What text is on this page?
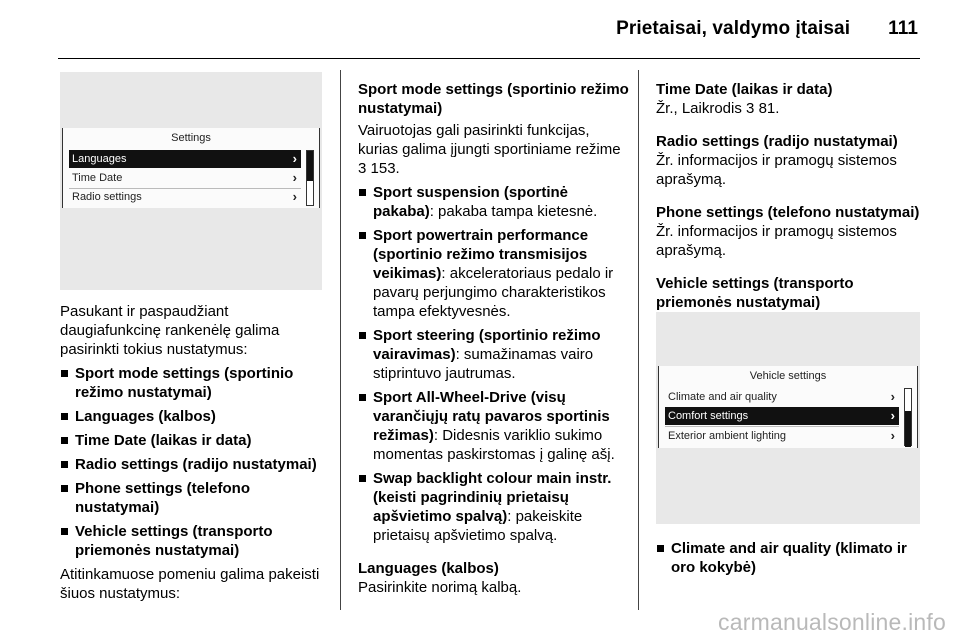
Prietaisai, valdymo įtaisai 111
Settings
Languages	›
Time Date	›
Radio settings	›

Pasukant ir paspaudžiant daugiafunkcinę rankenėlę galima pasirinkti tokius nustatymus:

Sport mode settings (sportinio režimo nustatymai)
Languages (kalbos)
Time Date (laikas ir data)
Radio settings (radijo nustatymai)
Phone settings (telefono nustatymai)
Vehicle settings (transporto priemonės nustatymai)

Atitinkamuose pomeniu galima pakeisti šiuos nustatymus:

Sport mode settings (sportinio režimo nustatymai)

Vairuotojas gali pasirinkti funkcijas, kurias galima įjungti sportiniame režime 3 153.

Sport suspension (sportinė pakaba): pakaba tampa kietesnė.
Sport powertrain performance (sportinio režimo transmisijos veikimas): akceleratoriaus pedalo ir pavarų perjungimo charakteristikos tampa efektyvesnės.
Sport steering (sportinio režimo vairavimas): sumažinamas vairo stiprintuvo jautrumas.
Sport All-Wheel-Drive (visų varančiųjų ratų pavaros sportinis režimas): Didesnis variklio sukimo momentas paskirstomas į galinę ašį.
Swap backlight colour main instr. (keisti pagrindinių prietaisų apšvietimo spalvą): pakeiskite prietaisų apšvietimo spalvą.

Languages (kalbos)

Pasirinkite norimą kalbą.

Time Date (laikas ir data)

Žr., Laikrodis 3 81.

Radio settings (radijo nustatymai)

Žr. informacijos ir pramogų sistemos aprašymą.

Phone settings (telefono nustatymai)

Žr. informacijos ir pramogų sistemos aprašymą.

Vehicle settings (transporto priemonės nustatymai)

Vehicle settings
Climate and air quality	›
Comfort settings	›
Exterior ambient lighting	›
Climate and air quality (klimato ir oro kokybė)
carmanualsonline.info
